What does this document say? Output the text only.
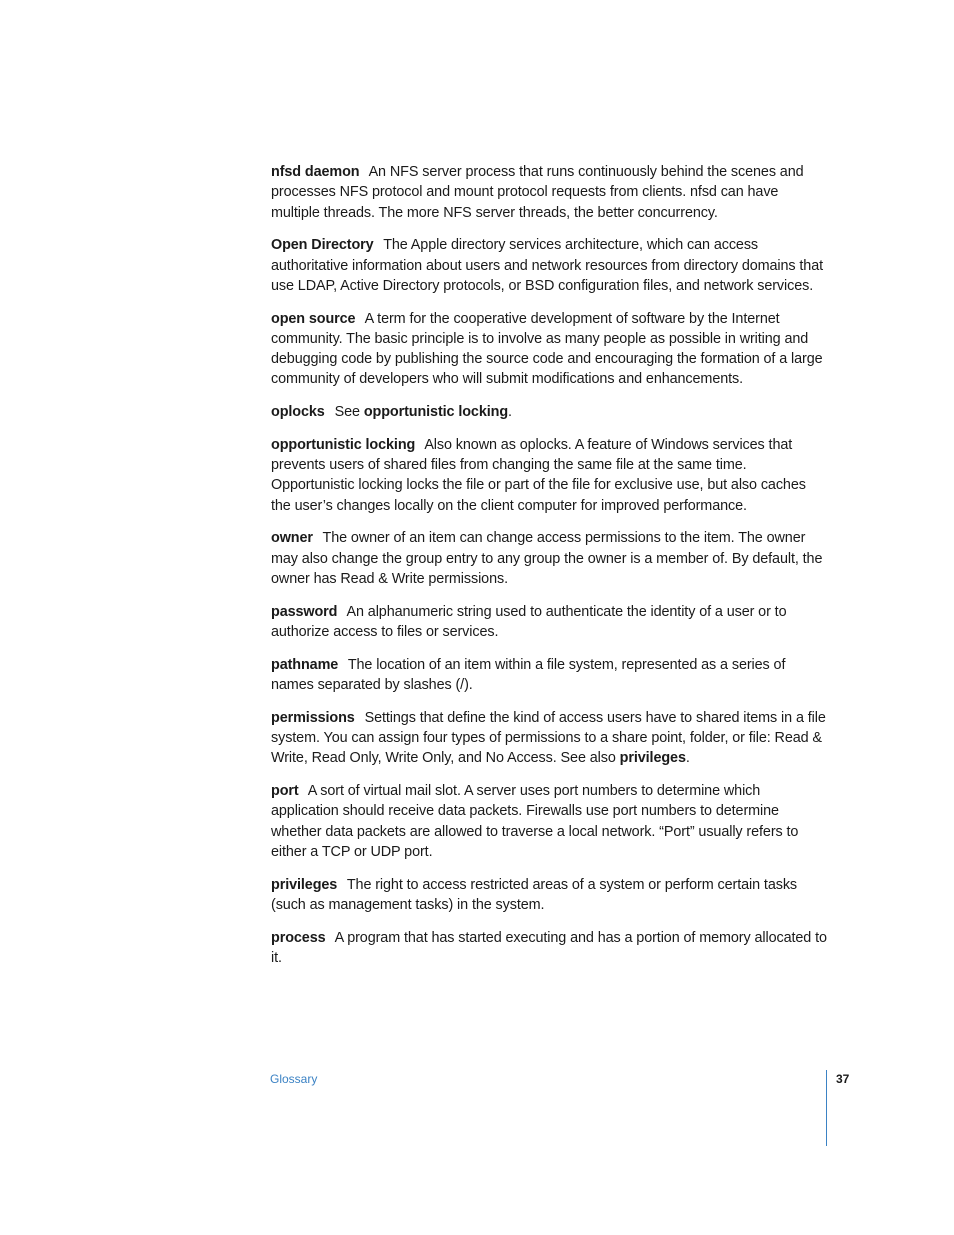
nfsd daemon An NFS server process that runs continuously behind the scenes and processes NFS protocol and mount protocol requests from clients. nfsd can have multiple threads. The more NFS server threads, the better concurrency.

Open Directory The Apple directory services architecture, which can access authoritative information about users and network resources from directory domains that use LDAP, Active Directory protocols, or BSD configuration files, and network services.

open source A term for the cooperative development of software by the Internet community. The basic principle is to involve as many people as possible in writing and debugging code by publishing the source code and encouraging the formation of a large community of developers who will submit modifications and enhancements.

oplocks See opportunistic locking.

opportunistic locking Also known as oplocks. A feature of Windows services that prevents users of shared files from changing the same file at the same time. Opportunistic locking locks the file or part of the file for exclusive use, but also caches the user’s changes locally on the client computer for improved performance.

owner The owner of an item can change access permissions to the item. The owner may also change the group entry to any group the owner is a member of. By default, the owner has Read & Write permissions.

password An alphanumeric string used to authenticate the identity of a user or to authorize access to files or services.

pathname The location of an item within a file system, represented as a series of names separated by slashes (/).

permissions Settings that define the kind of access users have to shared items in a file system. You can assign four types of permissions to a share point, folder, or file: Read & Write, Read Only, Write Only, and No Access. See also privileges.

port A sort of virtual mail slot. A server uses port numbers to determine which application should receive data packets. Firewalls use port numbers to determine whether data packets are allowed to traverse a local network. “Port” usually refers to either a TCP or UDP port.

privileges The right to access restricted areas of a system or perform certain tasks (such as management tasks) in the system.

process A program that has started executing and has a portion of memory allocated to it.

Glossary	37
